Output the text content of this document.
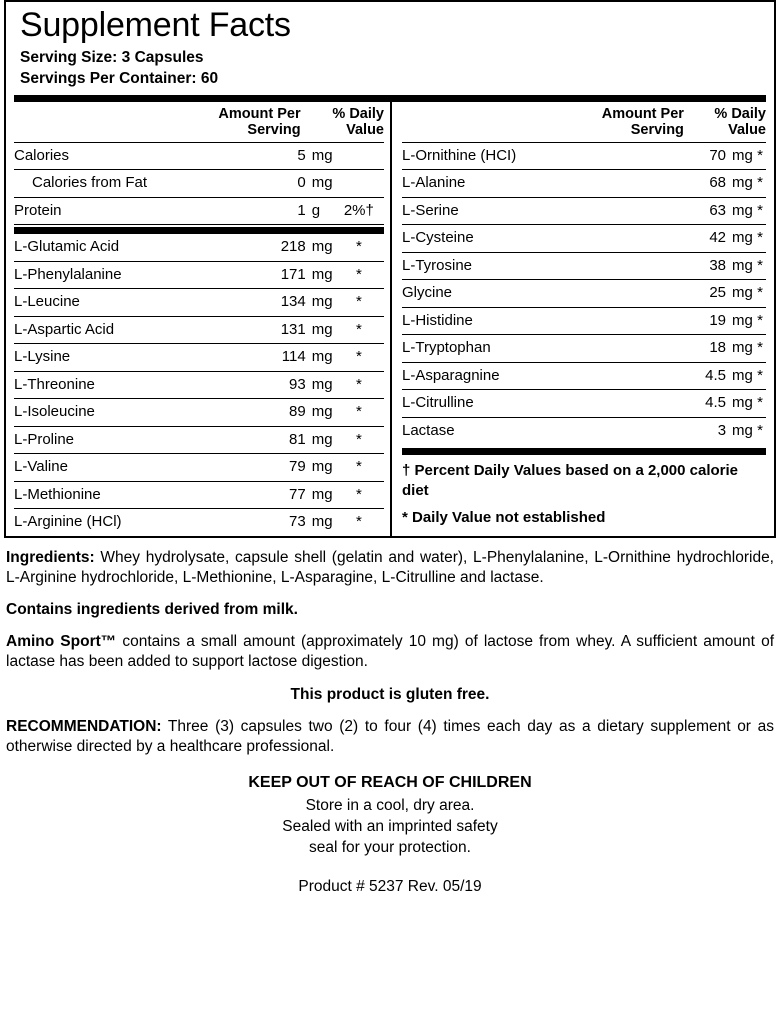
Supplement Facts
Serving Size: 3 Capsules
Servings Per Container: 60
	Amount Per
Serving	% Daily
Value
Calories	5 mg	
Calories from Fat	0 mg	
Protein	1 g	2%†

L-Glutamic Acid	218 mg	*
L-Phenylalanine	171 mg	*
L-Leucine	134 mg	*
L-Aspartic Acid	131 mg	*
L-Lysine	114 mg	*
L-Threonine	93 mg	*
L-Isoleucine	89 mg	*
L-Proline	81 mg	*
L-Valine	79 mg	*
L-Methionine	77 mg	*
L-Arginine (HCl)	73 mg	*
	Amount Per
Serving	% Daily
Value
L-Ornithine (HCI)	70 mg	*
L-Alanine	68 mg	*
L-Serine	63 mg	*
L-Cysteine	42 mg	*
L-Tyrosine	38 mg	*
Glycine	25 mg	*
L-Histidine	19 mg	*
L-Tryptophan	18 mg	*
L-Asparagnine	4.5 mg	*
L-Citrulline	4.5 mg	*
Lactase	3 mg	*
† Percent Daily Values based on a 2,000 calorie diet
* Daily Value not established

Ingredients: Whey hydrolysate, capsule shell (gelatin and water), L-Phenylalanine, L-Ornithine hydrochloride, L-Arginine hydrochloride, L-Methionine, L-Asparagine, L-Citrulline and lactase.

Contains ingredients derived from milk.

Amino Sport™ contains a small amount (approximately 10 mg) of lactose from whey. A sufficient amount of lactase has been added to support lactose digestion.

This product is gluten free.

RECOMMENDATION: Three (3) capsules two (2) to four (4) times each day as a dietary supplement or as otherwise directed by a healthcare professional.

KEEP OUT OF REACH OF CHILDREN
Store in a cool, dry area.
Sealed with an imprinted safety
seal for your protection.
Product # 5237 Rev. 05/19
